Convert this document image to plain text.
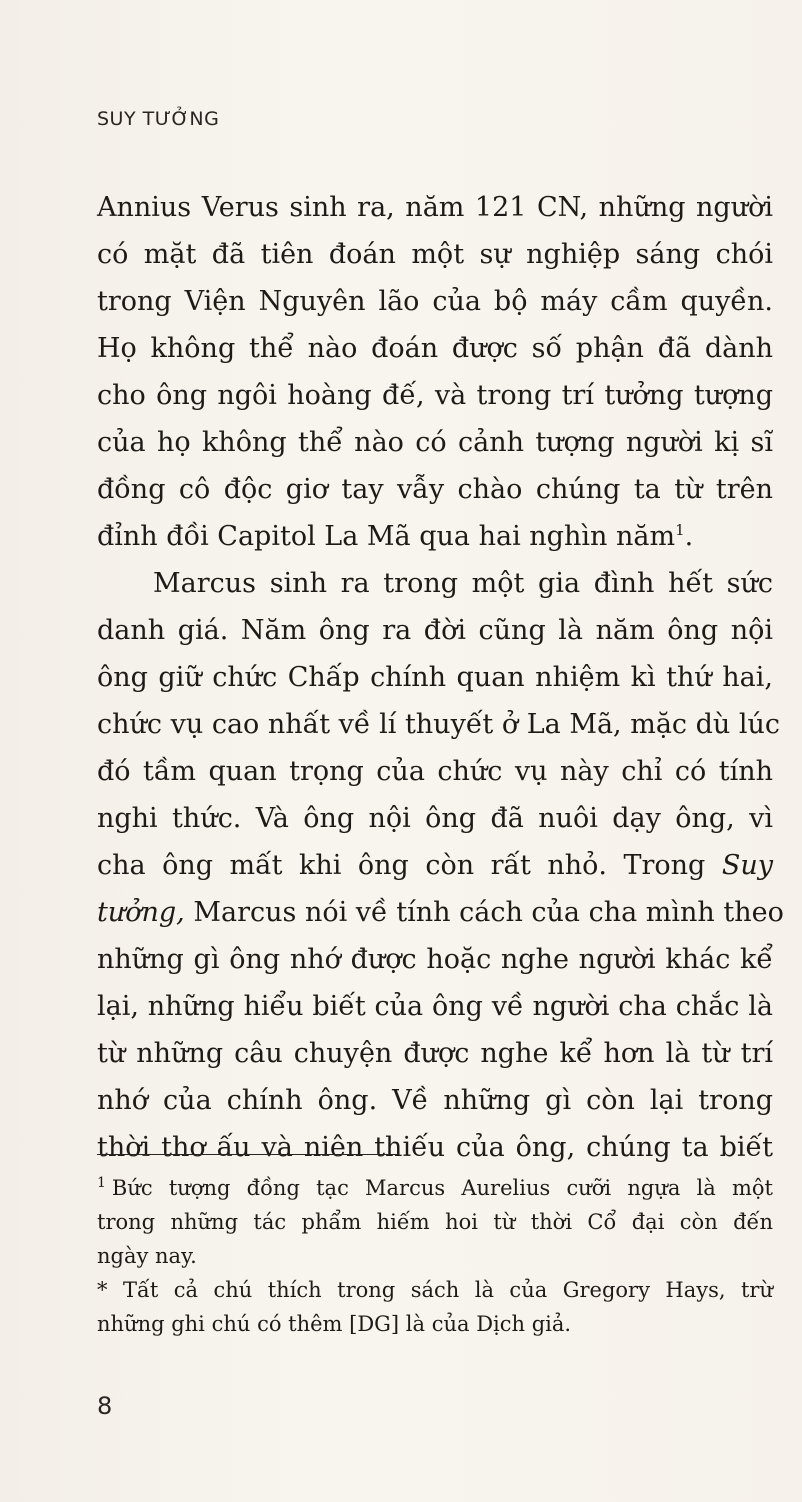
SUY TƯỞNG
Annius Verus sinh ra, năm 121 CN, những người
có mặt đã tiên đoán một sự nghiệp sáng chói
trong Viện Nguyên lão của bộ máy cầm quyền.
Họ không thể nào đoán được số phận đã dành
cho ông ngôi hoàng đế, và trong trí tưởng tượng
của họ không thể nào có cảnh tượng người kị sĩ
đồng cô độc giơ tay vẫy chào chúng ta từ trên
đỉnh đồi Capitol La Mã qua hai nghìn năm$^1$.
Marcus sinh ra trong một gia đình hết sức
danh giá. Năm ông ra đời cũng là năm ông nội
ông giữ chức Chấp chính quan nhiệm kì thứ hai,
chức vụ cao nhất về lí thuyết ở La Mã, mặc dù lúc
đó tầm quan trọng của chức vụ này chỉ có tính
nghi thức. Và ông nội ông đã nuôi dạy ông, vì
cha ông mất khi ông còn rất nhỏ. Trong Suy
tưởng, Marcus nói về tính cách của cha mình theo
những gì ông nhớ được hoặc nghe người khác kể
lại, những hiểu biết của ông về người cha chắc là
từ những câu chuyện được nghe kể hơn là từ trí
nhớ của chính ông. Về những gì còn lại trong
thời thơ ấu và niên thiếu của ông, chúng ta biết
$^1$ Bức tượng đồng tạc Marcus Aurelius cưỡi ngựa là một
trong những tác phẩm hiếm hoi từ thời Cổ đại còn đến
ngày nay.
* Tất cả chú thích trong sách là của Gregory Hays, trừ
những ghi chú có thêm [DG] là của Dịch giả.
8
